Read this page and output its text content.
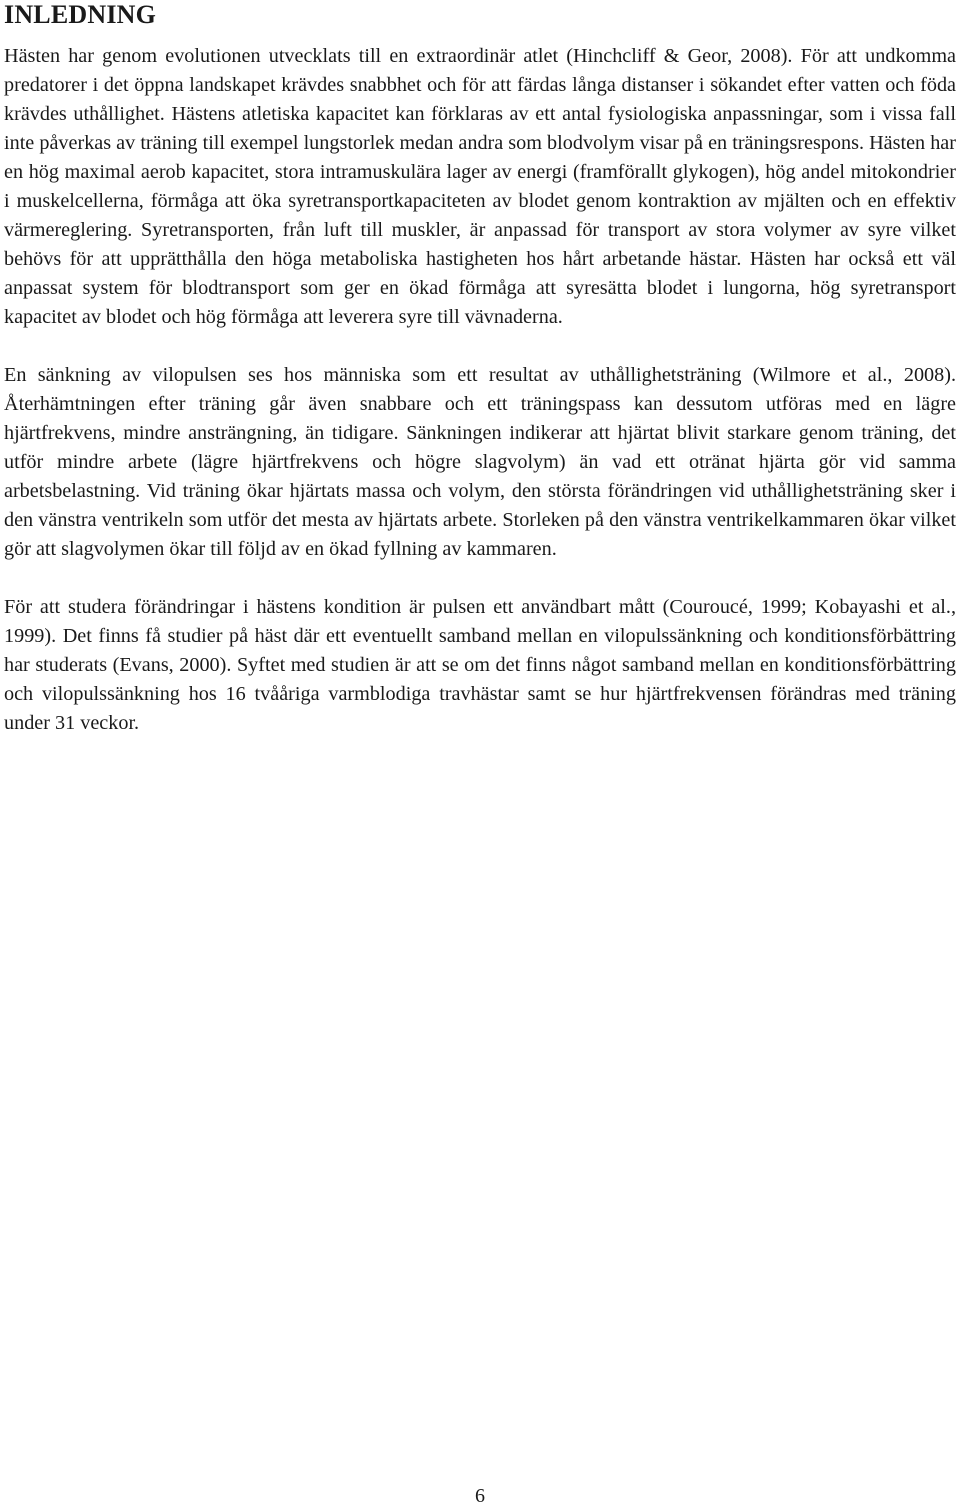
INLEDNING

Hästen har genom evolutionen utvecklats till en extraordinär atlet (Hinchcliff & Geor, 2008). För att undkomma predatorer i det öppna landskapet krävdes snabbhet och för att färdas långa distanser i sökandet efter vatten och föda krävdes uthållighet. Hästens atletiska kapacitet kan förklaras av ett antal fysiologiska anpassningar, som i vissa fall inte påverkas av träning till exempel lungstorlek medan andra som blodvolym visar på en träningsrespons. Hästen har en hög maximal aerob kapacitet, stora intramuskulära lager av energi (framförallt glykogen), hög andel mitokondrier i muskelcellerna, förmåga att öka syretransportkapaciteten av blodet genom kontraktion av mjälten och en effektiv värmereglering. Syretransporten, från luft till muskler, är anpassad för transport av stora volymer av syre vilket behövs för att upprätthålla den höga metaboliska hastigheten hos hårt arbetande hästar. Hästen har också ett väl anpassat system för blodtransport som ger en ökad förmåga att syresätta blodet i lungorna, hög syretransport kapacitet av blodet och hög förmåga att leverera syre till vävnaderna.

En sänkning av vilopulsen ses hos människa som ett resultat av uthållighetsträning (Wilmore et al., 2008). Återhämtningen efter träning går även snabbare och ett träningspass kan dessutom utföras med en lägre hjärtfrekvens, mindre ansträngning, än tidigare. Sänkningen indikerar att hjärtat blivit starkare genom träning, det utför mindre arbete (lägre hjärtfrekvens och högre slagvolym) än vad ett otränat hjärta gör vid samma arbetsbelastning. Vid träning ökar hjärtats massa och volym, den största förändringen vid uthållighetsträning sker i den vänstra ventrikeln som utför det mesta av hjärtats arbete. Storleken på den vänstra ventrikelkammaren ökar vilket gör att slagvolymen ökar till följd av en ökad fyllning av kammaren.

För att studera förändringar i hästens kondition är pulsen ett användbart mått (Couroucé, 1999; Kobayashi et al., 1999). Det finns få studier på häst där ett eventuellt samband mellan en vilopulssänkning och konditionsförbättring har studerats (Evans, 2000). Syftet med studien är att se om det finns något samband mellan en konditionsförbättring och vilopulssänkning hos 16 tvååriga varmblodiga travhästar samt se hur hjärtfrekvensen förändras med träning under 31 veckor.

6
